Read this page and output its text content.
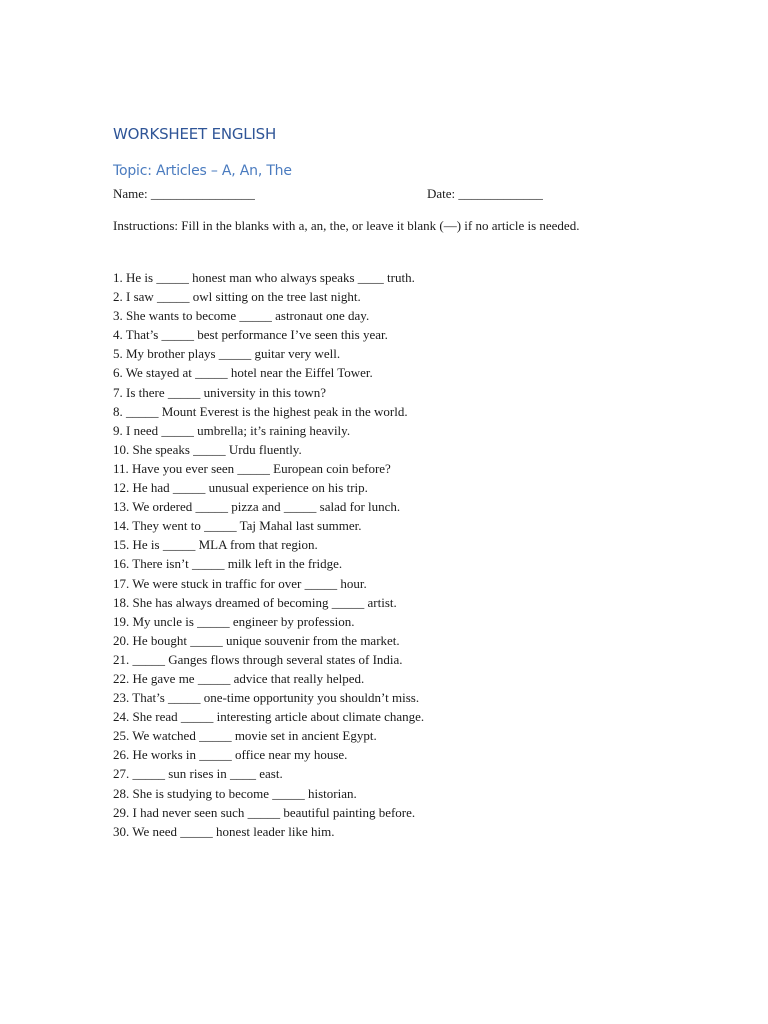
WORKSHEET ENGLISH
Topic: Articles – A, An, The
Name: ________________	Date: _____________
Instructions: Fill in the blanks with a, an, the, or leave it blank (—) if no article is needed.
1. He is _____ honest man who always speaks ____ truth.
2. I saw _____ owl sitting on the tree last night.
3. She wants to become _____ astronaut one day.
4. That’s _____ best performance I’ve seen this year.
5. My brother plays _____ guitar very well.
6. We stayed at _____ hotel near the Eiffel Tower.
7. Is there _____ university in this town?
8. _____ Mount Everest is the highest peak in the world.
9. I need _____ umbrella; it’s raining heavily.
10. She speaks _____ Urdu fluently.
11. Have you ever seen _____ European coin before?
12. He had _____ unusual experience on his trip.
13. We ordered _____ pizza and _____ salad for lunch.
14. They went to _____ Taj Mahal last summer.
15. He is _____ MLA from that region.
16. There isn’t _____ milk left in the fridge.
17. We were stuck in traffic for over _____ hour.
18. She has always dreamed of becoming _____ artist.
19. My uncle is _____ engineer by profession.
20. He bought _____ unique souvenir from the market.
21. _____ Ganges flows through several states of India.
22. He gave me _____ advice that really helped.
23. That’s _____ one-time opportunity you shouldn’t miss.
24. She read _____ interesting article about climate change.
25. We watched _____ movie set in ancient Egypt.
26. He works in _____ office near my house.
27. _____ sun rises in ____ east.
28. She is studying to become _____ historian.
29. I had never seen such _____ beautiful painting before.
30. We need _____ honest leader like him.
